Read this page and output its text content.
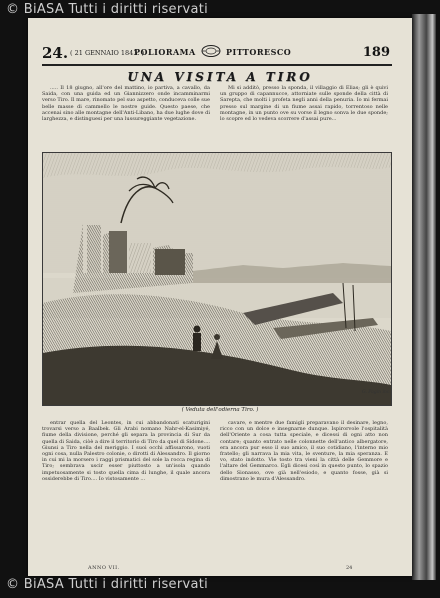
© BiASA Tutti i diritti riservati
24. ( 21 GENNAIO 1843. )
POLIORAMA	PITTORESCO	189
UNA VISITA A TIRO

..... Il 18 giugno, all'ore del mattino, io partiva, a cavallo, da Saida, con una guida ed un Giannizzero onde incamminarmi verso Tiro. Il mare, rinomato pel suo aspetto, conduceva colle sue belle masse di cammello le nostre guide. Questo paese, che accenai sino alle montagne dell'Anti-Libano, ha due lughe dove di larghezza, e distinguesi per una lussureggiante vegetazione.

Mi si additò, presso la sponda, il villaggio di Elias; gli è quivi un gruppo di capannucce, attorniate sulle sponde della città di Sarepta, che molti i profeta negli anni della penuria. Io mi fermai presso sul margine di un fiume assai rapido, torrentoso nelle montagne, in un punto ove su vorse il legno sonva le due sponde; lo scopre ed lo vedeva scorrere d'assai pure...

G. Pagin inc.
( Veduta dell'odierna Tiro. )

entrar quella del Leontes, in cui abbandonati scaturigini trovarsi verso a Baalbek. Gli Arabi nomano Nahr-el-Kasimiyé, fiume della divisione, perché gli separa la provincia di Sur da quella di Saida, ciòè a dire il territorio di Tiro da quel di Sidone.... Giunsi a Tiro nella del meriggio. I suoi occhi affissarono, vuoti ogni cosa, nulla Palestro colonie, o dirotti di Alessandro. Il giorno in cui mi la morsero i raggi prismatici del sole la rocca regina di Tiro; sembrava uscir esser piuttosto a un'isola quando impetuosamente si tosto quella cima di lunghe, il quale ancora ossiderebbe di Tiro.... Io vistosamente ...

cavare, e mentre due famigli preparavano il desinare, legno, ricco con un dolce e insegnarne dunque. Ispirorvole l'ospitalità dell'Oriente a cosa tutta speciale, e dicessi di ogni atto non contare; quanto entrato nelle colonnette dell'antico albergatore, era ancora pur esso il suo amico, il suo cotidiano, l'interno mio fratello; gli narrava la mia vita, le sventure, la mia speranza. E vo, stato indotto. Vie tosto tra vieni la città delle Gemmore e l'altare del Gemmarco. Egli dicesi così in questo punto, lo spazio dello Sionasso, ove già nell'esiodo, e quanto fosse, già si dimostrano le mura d'Alessandro.

ANNO VII.	24
© BiASA Tutti i diritti riservati
